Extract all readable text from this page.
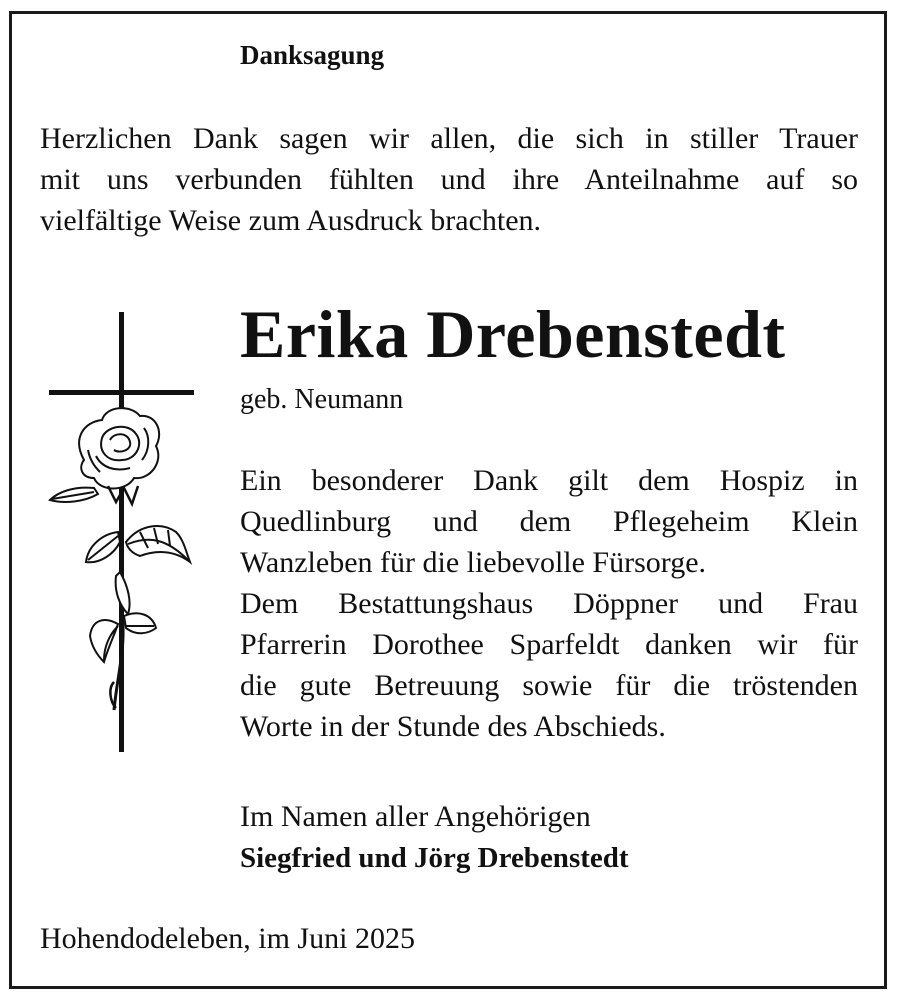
Danksagung
Herzlichen Dank sagen wir allen, die sich in stiller Trauer
mit uns verbunden fühlten und ihre Anteilnahme auf so
vielfältige Weise zum Ausdruck brachten.
Erika Drebenstedt
geb. Neumann
Ein besonderer Dank gilt dem Hospiz in
Quedlinburg und dem Pflegeheim Klein
Wanzleben für die liebevolle Fürsorge.
Dem Bestattungshaus Döppner und Frau
Pfarrerin Dorothee Sparfeldt danken wir für
die gute Betreuung sowie für die tröstenden
Worte in der Stunde des Abschieds.
Im Namen aller Angehörigen
Siegfried und Jörg Drebenstedt
Hohendodeleben, im Juni 2025
